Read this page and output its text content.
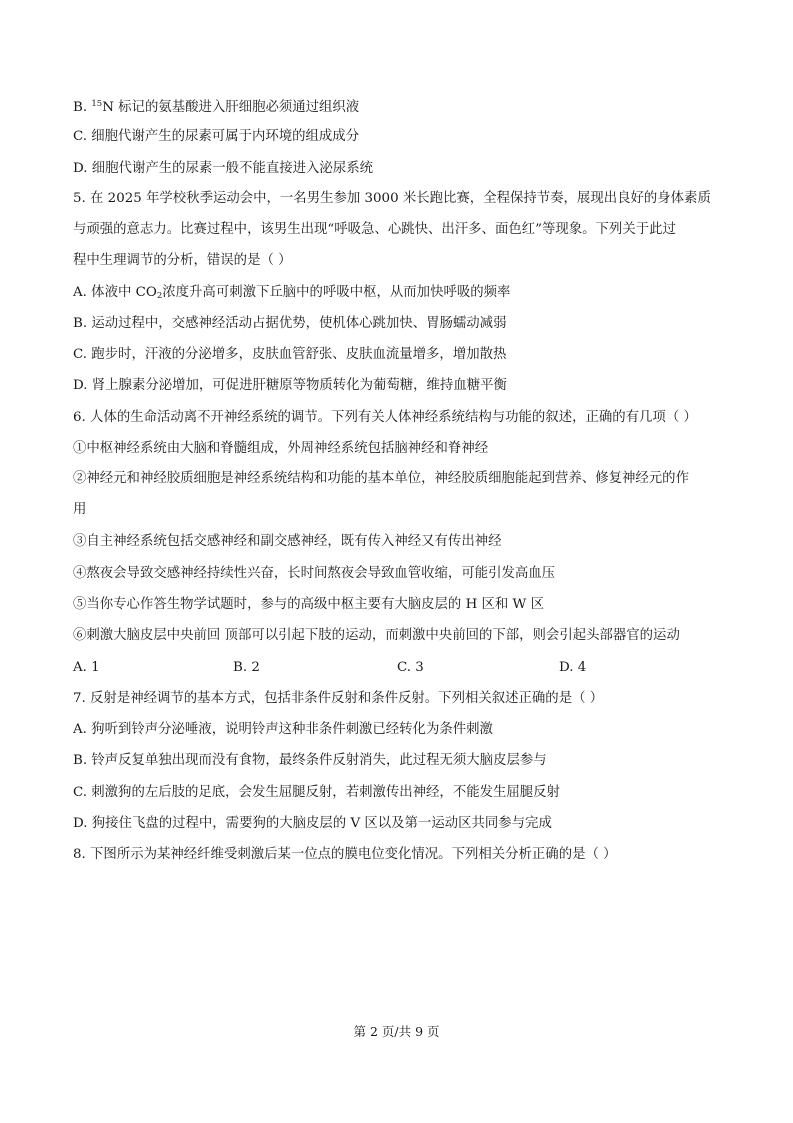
B. $^{15}$N 标记的氨基酸进入肝细胞必须通过组织液
C. 细胞代谢产生的尿素可属于内环境的组成成分
D. 细胞代谢产生的尿素一般不能直接进入泌尿系统
5. 在 2025 年学校秋季运动会中，一名男生参加 3000 米长跑比赛，全程保持节奏，展现出良好的身体素质
与顽强的意志力。比赛过程中，该男生出现“呼吸急、心跳快、出汗多、面色红”等现象。下列关于此过
程中生理调节的分析，错误的是（ ）
A. 体液中 $CO_2$浓度升高可刺激下丘脑中的呼吸中枢，从而加快呼吸的频率
B. 运动过程中，交感神经活动占据优势，使机体心跳加快、胃肠蠕动减弱
C. 跑步时，汗液的分泌增多，皮肤血管舒张、皮肤血流量增多，增加散热
D. 肾上腺素分泌增加，可促进肝糖原等物质转化为葡萄糖，维持血糖平衡
6. 人体的生命活动离不开神经系统的调节。下列有关人体神经系统结构与功能的叙述，正确的有几项（ ）
①中枢神经系统由大脑和脊髓组成，外周神经系统包括脑神经和脊神经
②神经元和神经胶质细胞是神经系统结构和功能的基本单位，神经胶质细胞能起到营养、修复神经元的作
用
③自主神经系统包括交感神经和副交感神经，既有传入神经又有传出神经
④熬夜会导致交感神经持续性兴奋，长时间熬夜会导致血管收缩，可能引发高血压
⑤当你专心作答生物学试题时，参与的高级中枢主要有大脑皮层的 H 区和 W 区
⑥刺激大脑皮层中央前回 顶部可以引起下肢的运动，而刺激中央前回的下部，则会引起头部器官的运动
A. 1	B. 2	C. 3	D. 4
7. 反射是神经调节的基本方式，包括非条件反射和条件反射。下列相关叙述正确的是（ ）
A. 狗听到铃声分泌唾液，说明铃声这种非条件刺激已经转化为条件刺激
B. 铃声反复单独出现而没有食物，最终条件反射消失，此过程无须大脑皮层参与
C. 刺激狗的左后肢的足底，会发生屈腿反射，若刺激传出神经，不能发生屈腿反射
D. 狗接住飞盘的过程中，需要狗的大脑皮层的 V 区以及第一运动区共同参与完成
8. 下图所示为某神经纤维受刺激后某一位点的膜电位变化情况。下列相关分析正确的是（ ）
第 2 页/共 9 页
